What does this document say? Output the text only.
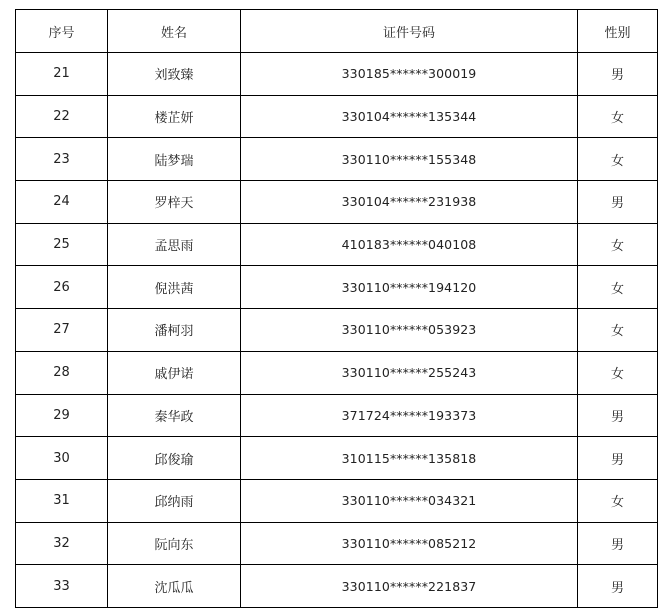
序号	姓名	证件号码	性别
21	刘致臻	330185******300019	男
22	楼芷妍	330104******135344	女
23	陆梦瑞	330110******155348	女
24	罗梓天	330104******231938	男
25	孟思雨	410183******040108	女
26	倪洪茜	330110******194120	女
27	潘柯羽	330110******053923	女
28	戚伊诺	330110******255243	女
29	秦华政	371724******193373	男
30	邱俊瑜	310115******135818	男
31	邱纳雨	330110******034321	女
32	阮向东	330110******085212	男
33	沈瓜瓜	330110******221837	男
